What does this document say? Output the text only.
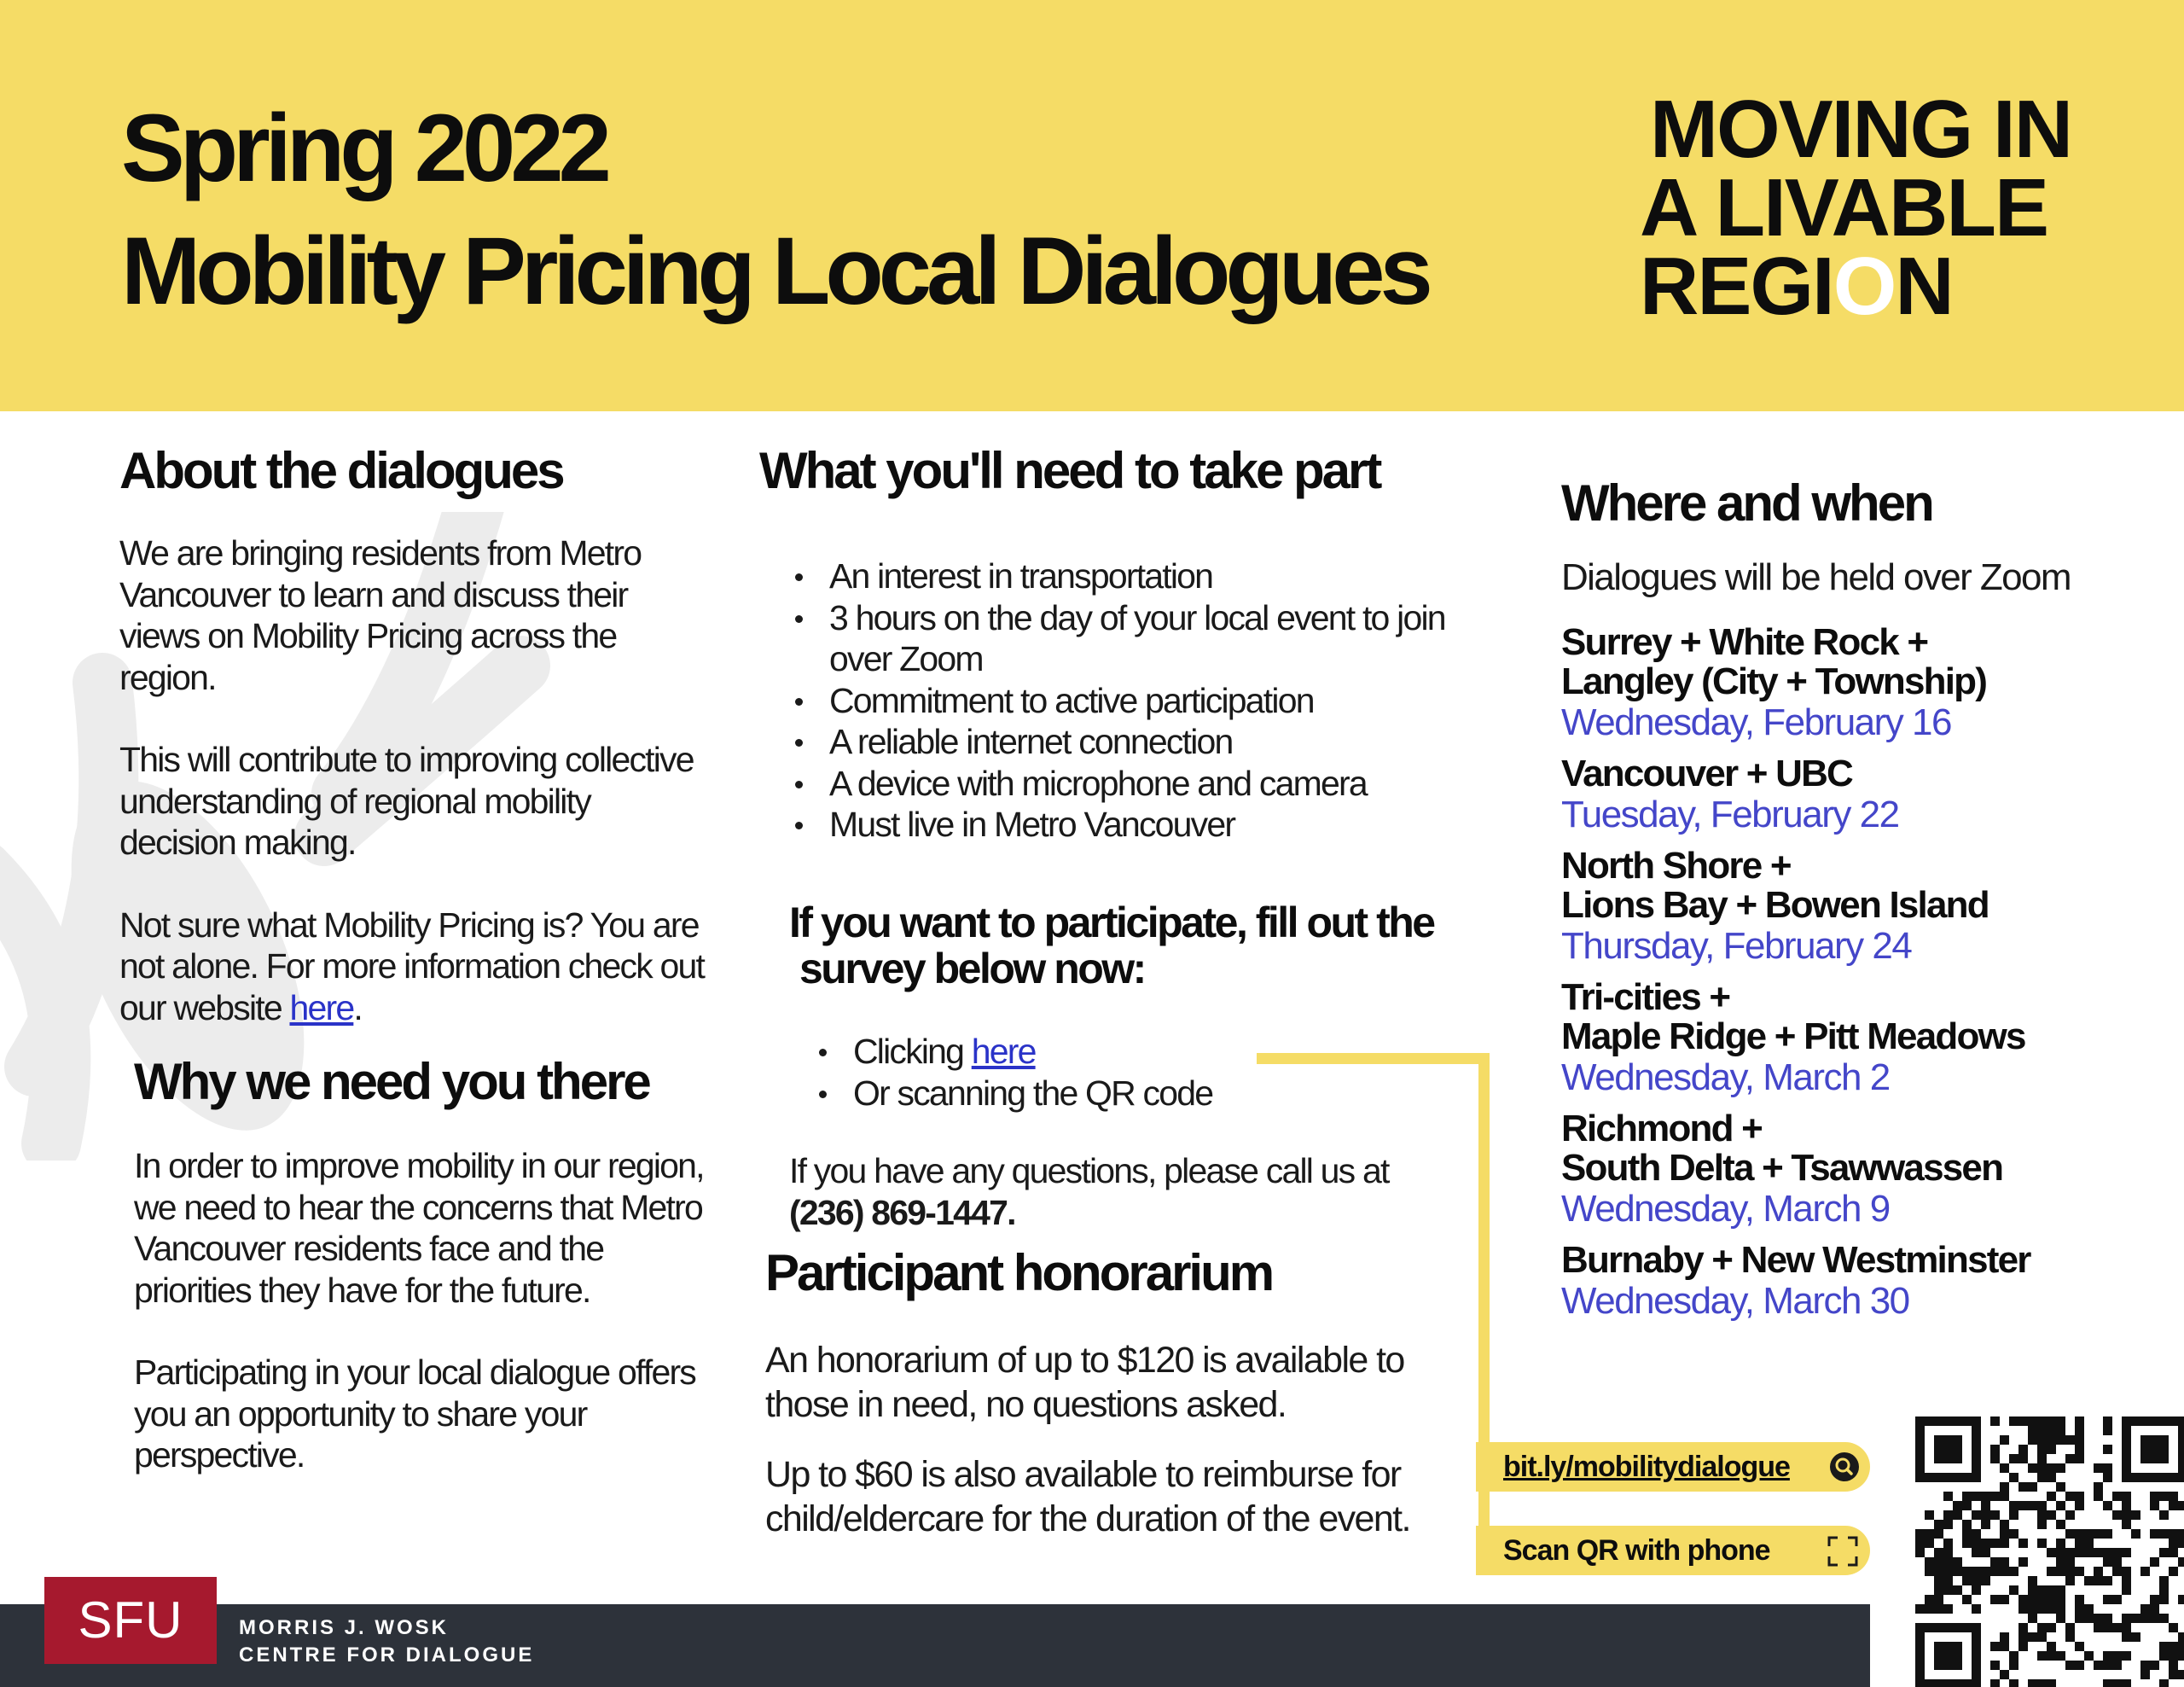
Spring 2022
Mobility Pricing Local Dialogues
MOVING IN
A LIVABLE
REGION
About the dialogues

We are bringing residents from Metro Vancouver to learn and discuss their views on Mobility Pricing across the region.

This will contribute to improving collective understanding of regional mobility decision making.

Not sure what Mobility Pricing is? You are not alone. For more information check out our website here.

Why we need you there

In order to improve mobility in our region, we need to hear the concerns that Metro Vancouver residents face and the priorities they have for the future.

Participating in your local dialogue offers you an opportunity to share your perspective.

What you'll need to take part
An interest in transportation
3 hours on the day of your local event to join over Zoom
Commitment to active participation
A reliable internet connection
A device with microphone and camera
Must live in Metro Vancouver
If you want to participate, fill out the
survey below now:
Clicking here
Or scanning the QR code
If you have any questions, please call us at
(236) 869-1447.
Participant honorarium

An honorarium of up to $120 is available to those in need, no questions asked.

Up to $60 is also available to reimburse for child/eldercare for the duration of the event.

Where and when
Dialogues will be held over Zoom
Surrey + White Rock +
Langley (City + Township)
Wednesday, February 16
Vancouver + UBC
Tuesday, February 22
North Shore +
Lions Bay + Bowen Island
Thursday, February 24
Tri-cities +
Maple Ridge + Pitt Meadows
Wednesday, March 2
Richmond +
South Delta + Tsawwassen
Wednesday, March 9
Burnaby + New Westminster
Wednesday, March 30
bit.ly/mobilitydialogue
Scan QR with phone
SFU	MORRIS J. WOSK
CENTRE FOR DIALOGUE
